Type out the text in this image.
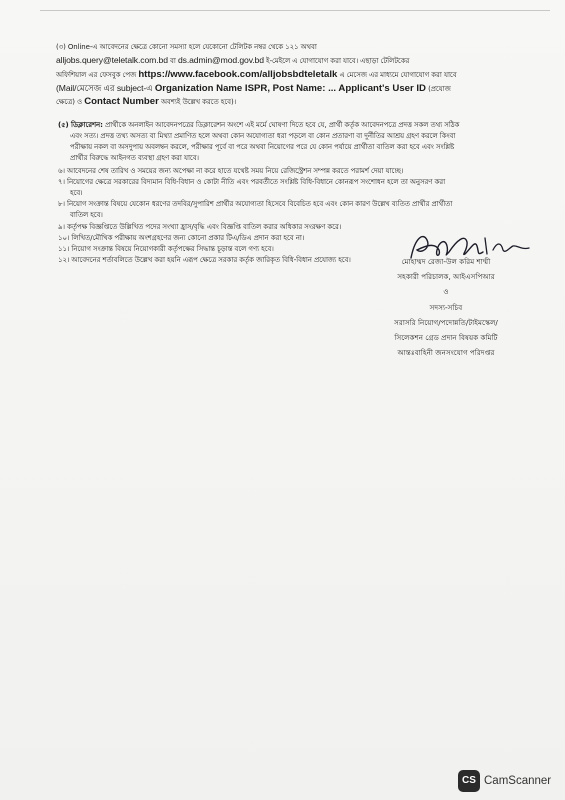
(৩) Online-এ আবেদনের ক্ষেত্রে কোনো সমস্যা হলে যেকোনো টেলিটক নম্বর থেকে ১২১ অথবা
alljobs.query@teletalk.com.bd বা ds.admin@mod.gov.bd ই-মেইলে এ যোগাযোগ করা যাবে। এছাড়া টেলিটকের
অফিশিয়াল এর ফেসবুক পেজ https://www.facebook.com/alljobsbdteletalk এ মেসেজ এর মাধ্যমে যোগাযোগ করা যাবে
(Mail/মেসেজ এর subject-এ Organization Name ISPR, Post Name: ... Applicant's User ID (প্রযোজ
ক্ষেত্রে) ও Contact Number অবশ্যই উল্লেখ করতে হবে)।
(৫) ডিক্লারেশন: প্রার্থীকে অনলাইন আবেদনপত্রের ডিক্লারেশন অংশে এই মর্মে ঘোষণা দিতে হবে যে, প্রার্থী কর্তৃক আবেদনপত্রে প্রদত্ত সকল তথ্য সঠিক
এবং সত্য। প্রদত্ত তথ্য অসত্য বা মিথ্যা প্রমাণিত হলে অথবা কোন অযোগ্যতা ধরা পড়লে বা কোন প্রতারণা বা দুর্নীতির আশ্রয় গ্রহণ করলে কিংবা
পরীক্ষায় নকল বা অসদুপায় অবলম্বন করলে, পরীক্ষার পূর্বে বা পরে অথবা নিয়োগের পরে যে কোন পর্যায়ে প্রার্থীতা বাতিল করা হবে এবং সংশ্লিষ্ট
প্রার্থীর বিরুদ্ধে আইনগত ব্যবস্থা গ্রহণ করা যাবে।
৬। আবেদনের শেষ তারিখ ও সময়ের জন্য অপেক্ষা না করে হাতে যথেষ্ট সময় নিয়ে রেজিস্ট্রেশন সম্পন্ন করতে পরামর্শ দেয়া যাচ্ছে।
৭। নিয়োগের ক্ষেত্রে সরকারের বিদ্যমান বিধি-বিধান ও কোটা নীতি এবং পরবর্তীতে সংশ্লিষ্ট বিধি-বিধানে কোনরূপ সংশোধন হলে তা অনুসরণ করা
হবে।
৮। নিয়োগ সংক্রান্ত বিষয়ে যেকোন ধরণের তদবির/সুপারিশ প্রার্থীর অযোগ্যতা হিসেবে বিবেচিত হবে এবং কোন কারণ উল্লেখ ব্যতিত প্রার্থীর প্রার্থীতা
বাতিল হবে।
৯। কর্তৃপক্ষ বিজ্ঞপ্তিতে উল্লিখিত পদের সংখ্যা হ্রাস/বৃদ্ধি এবং বিজ্ঞপ্তি বাতিল করার অধিকার সংরক্ষণ করে।
১০। লিখিত/মৌখিক পরীক্ষায় অংশগ্রহণের জন্য কোনো প্রকার টিএ/ডিএ প্রদান করা হবে না।
১১। নিয়োগ সংক্রান্ত বিষয়ে নিয়োগকারী কর্তৃপক্ষের সিদ্ধান্ত চূড়ান্ত বলে গণ্য হবে।
১২। আবেদনের শর্তাবলিতে উল্লেখ করা হয়নি এরূপ ক্ষেত্রে সরকার কর্তৃক জারিকৃত বিধি-বিধান প্রযোজ্য হবে।	মোহাম্মদ রেজা-উল করিম শাম্মী
সহকারী পরিচালক, আইএসপিআর
ও
সদস্য-সচিব
সরাসরি নিয়োগ/পদোন্নতি/টাইমস্কেল/
সিলেকশন গ্রেড প্রদান বিষয়ক কমিটি
আন্তঃবাহিনী জনসংযোগ পরিদপ্তর
CS CamScanner
